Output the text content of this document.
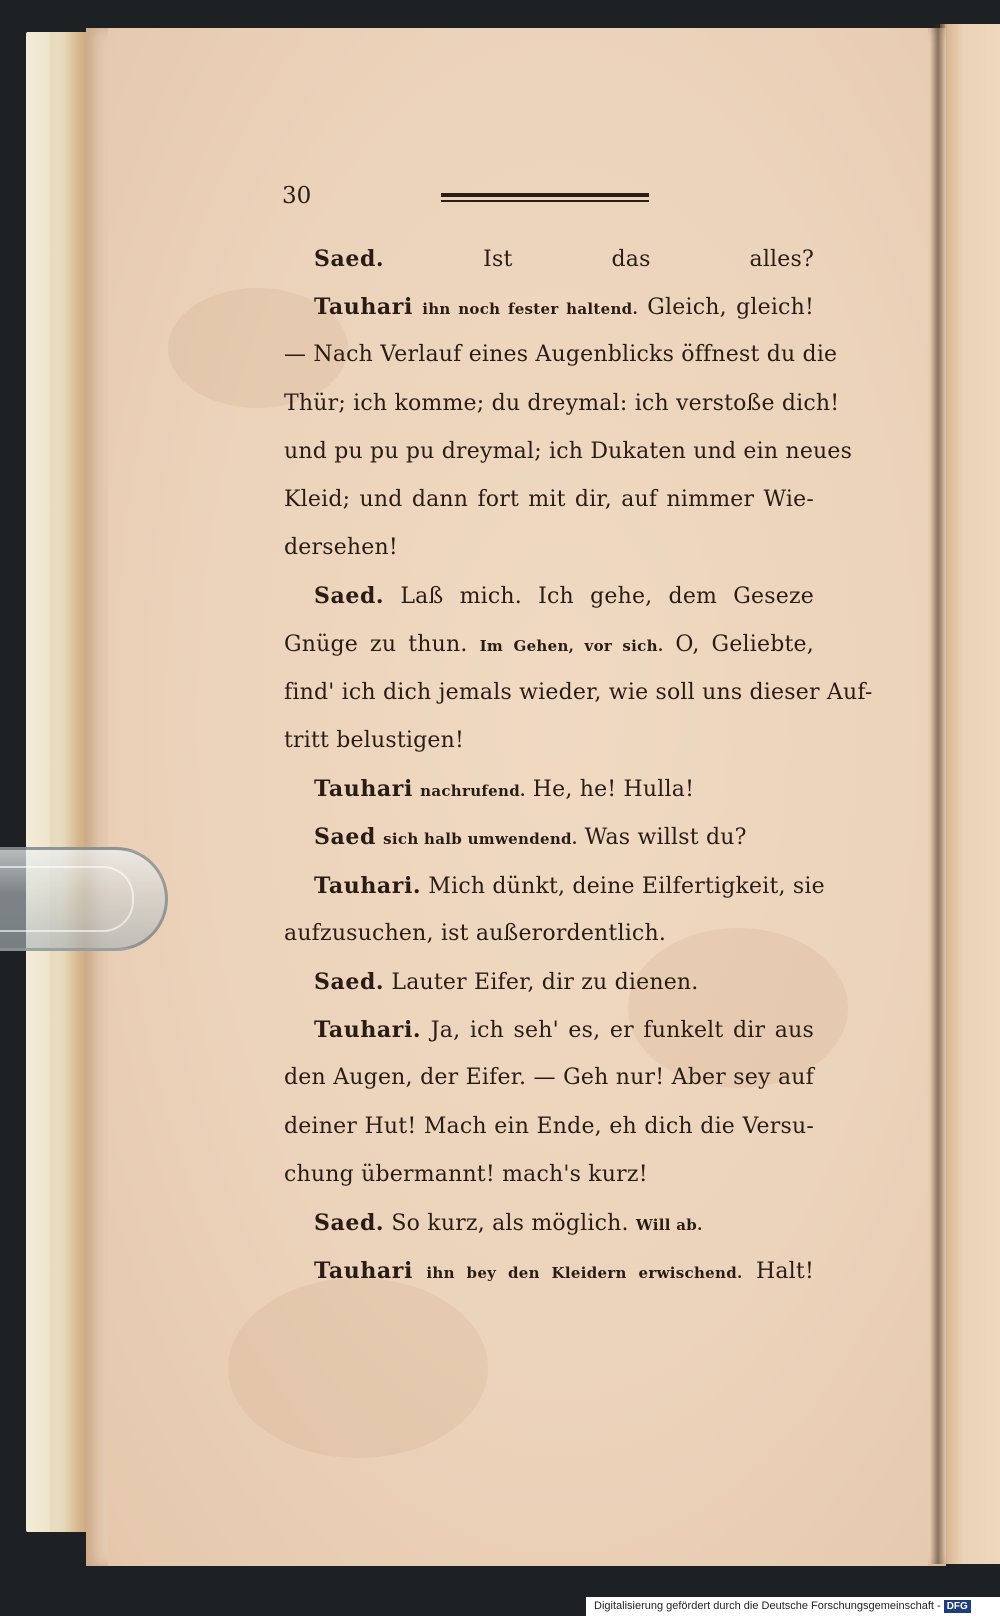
30
Saed.	Ist das alles?
Tauhari ihn noch fester haltend. Gleich, gleich!
— Nach Verlauf eines Augenblicks öffnest du die
Thür; ich komme; du dreymal: ich verstoße dich!
und pu pu pu dreymal; ich Dukaten und ein neues
Kleid; und dann fort mit dir, auf nimmer Wie-
dersehen!
Saed. Laß mich. Ich gehe, dem Geseze
Gnüge zu thun. Im Gehen, vor sich. O, Geliebte,
find' ich dich jemals wieder, wie soll uns dieser Auf-
tritt belustigen!
Tauhari nachrufend. He, he! Hulla!
Saed sich halb umwendend. Was willst du?
Tauhari. Mich dünkt, deine Eilfertigkeit, sie
aufzusuchen, ist außerordentlich.
Saed. Lauter Eifer, dir zu dienen.
Tauhari. Ja, ich seh' es, er funkelt dir aus
den Augen, der Eifer. — Geh nur! Aber sey auf
deiner Hut! Mach ein Ende, eh dich die Versu-
chung übermannt! mach's kurz!
Saed. So kurz, als möglich. Will ab.
Tauhari ihn bey den Kleidern erwischend. Halt!
Digitalisierung gefördert durch die Deutsche Forschungsgemeinschaft - DFG
